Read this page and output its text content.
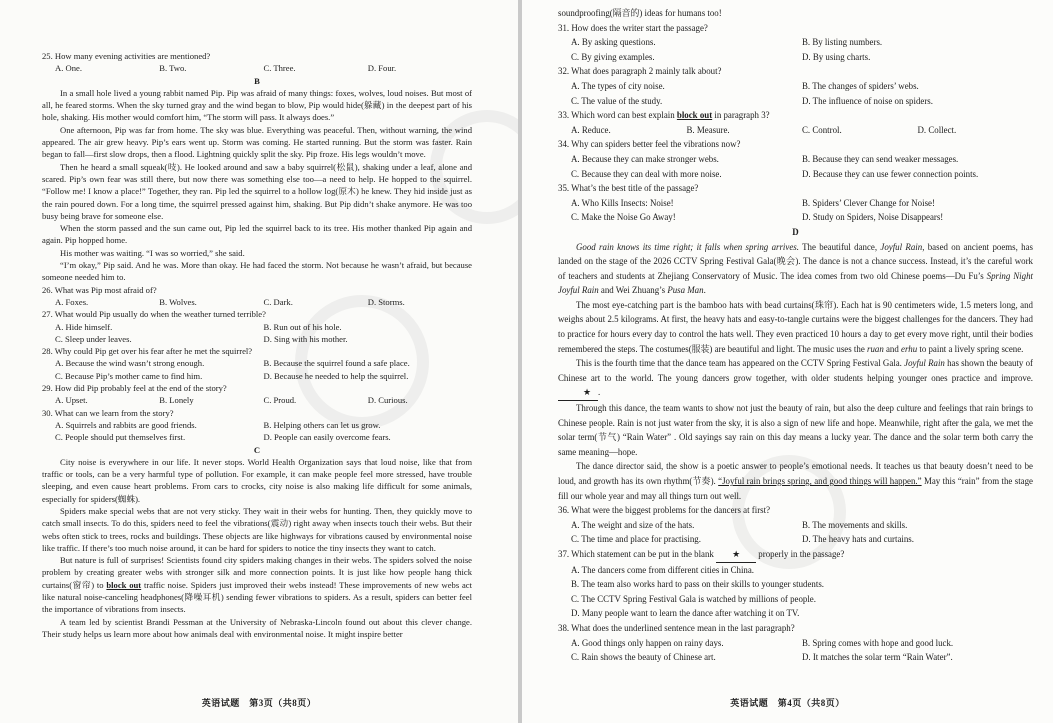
25. How many evening activities are mentioned?

A. One.	B. Two.	C. Three.	D. Four.

B

In a small hole lived a young rabbit named Pip. Pip was afraid of many things: foxes, wolves, loud noises. But most of all, he feared storms. When the sky turned gray and the wind began to blow, Pip would hide(躲藏) in the deepest part of his hole, shaking. His mother would comfort him, “The storm will pass. It always does.”

One afternoon, Pip was far from home. The sky was blue. Everything was peaceful. Then, without warning, the wind appeared. The air grew heavy. Pip’s ears went up. Storm was coming. He started running. But the storm was faster. Rain began to fall—first slow drops, then a flood. Lightning quickly split the sky. Pip froze. His legs wouldn’t move.

Then he heard a small squeak(吱). He looked around and saw a baby squirrel(松鼠), shaking under a leaf, alone and scared. Pip’s own fear was still there, but now there was something else too—a need to help. He hopped to the squirrel. “Follow me! I know a place!” Together, they ran. Pip led the squirrel to a hollow log(原木) he knew. They hid inside just as the rain poured down. For a long time, the squirrel pressed against him, shaking. But Pip didn’t shake anymore. He was too busy being brave for someone else.

When the storm passed and the sun came out, Pip led the squirrel back to its tree. His mother thanked Pip again and again. Pip hopped home.

His mother was waiting. “I was so worried,” she said.

“I’m okay,” Pip said. And he was. More than okay. He had faced the storm. Not because he wasn’t afraid, but because someone needed him to.

26. What was Pip most afraid of?

A. Foxes.	B. Wolves.	C. Dark.	D. Storms.

27. What would Pip usually do when the weather turned terrible?

A. Hide himself.	B. Run out of his hole.
C. Sleep under leaves.	D. Sing with his mother.

28. Why could Pip get over his fear after he met the squirrel?

A. Because the wind wasn’t strong enough.	B. Because the squirrel found a safe place.
C. Because Pip’s mother came to find him.	D. Because he needed to help the squirrel.

29. How did Pip probably feel at the end of the story?

A. Upset.	B. Lonely	C. Proud.	D. Curious.

30. What can we learn from the story?

A. Squirrels and rabbits are good friends.	B. Helping others can let us grow.
C. People should put themselves first.	D. People can easily overcome fears.

C

City noise is everywhere in our life. It never stops. World Health Organization says that loud noise, like that from traffic or tools, can be a very harmful type of pollution. For example, it can make people feel more stressed, have trouble sleeping, and even cause heart problems. From cars to crocks, city noise is also making life difficult for some animals, especially for spiders(蜘蛛).

Spiders make special webs that are not very sticky. They wait in their webs for hunting. Then, they quickly move to catch small insects. To do this, spiders need to feel the vibrations(震动) right away when insects touch their webs. But their webs often stick to trees, rocks and buildings. These objects are like highways for vibrations caused by environmental noise like traffic. If there’s too much noise around, it can be hard for spiders to notice the tiny insects they want to catch.

But nature is full of surprises! Scientists found city spiders making changes in their webs. The spiders solved the noise problem by creating greater webs with stronger silk and more connection points. It is just like how people hang thick curtains(窗帘) to block out traffic noise. Spiders just improved their webs instead! These improvements of new webs act like natural noise-canceling headphones(降噪耳机) sending fewer vibrations to spiders. As a result, spiders can better feel the importance of vibrations from insects.

A team led by scientist Brandi Pessman at the University of Nebraska-Lincoln found out about this clever change. Their study helps us learn more about how animals deal with environmental noise. It might inspire better

英语试题　第3页（共8页）

soundproofing(隔音的) ideas for humans too!

31. How does the writer start the passage?

A. By asking questions.	B. By listing numbers.
C. By giving examples.	D. By using charts.

32. What does paragraph 2 mainly talk about?

A. The types of city noise.	B. The changes of spiders’ webs.
C. The value of the study.	D. The influence of noise on spiders.

33. Which word can best explain block out in paragraph 3?

A. Reduce.	B. Measure.	C. Control.	D. Collect.

34. Why can spiders better feel the vibrations now?

A. Because they can make stronger webs.	B. Because they can send weaker messages.
C. Because they can deal with more noise.	D. Because they can use fewer connection points.

35. What’s the best title of the passage?

A. Who Kills Insects: Noise!	B. Spiders’ Clever Change for Noise!
C. Make the Noise Go Away!	D. Study on Spiders, Noise Disappears!

D

Good rain knows its time right; it falls when spring arrives. The beautiful dance, Joyful Rain, based on ancient poems, has landed on the stage of the 2026 CCTV Spring Festival Gala(晚会). The dance is not a chance success. Instead, it’s the careful work of teachers and students at Zhejiang Conservatory of Music. The idea comes from two old Chinese poems—Du Fu’s Spring Night Joyful Rain and Wei Zhuang’s Pusa Man.

The most eye-catching part is the bamboo hats with bead curtains(珠帘). Each hat is 90 centimeters wide, 1.5 meters long, and weighs about 2.5 kilograms. At first, the heavy hats and easy-to-tangle curtains were the biggest challenges for the dancers. They had to practice for hours every day to control the hats well. They even practiced 10 hours a day to get every move right, until their bodies remembered the steps. The costumes(服装) are beautiful and light. The music uses the ruan and erhu to paint a lively spring scene.

This is the fourth time that the dance team has appeared on the CCTV Spring Festival Gala. Joyful Rain has shown the beauty of Chinese art to the world. The young dancers grow together, with older students helping younger ones practice and improve. ★ .

Through this dance, the team wants to show not just the beauty of rain, but also the deep culture and feelings that rain brings to Chinese people. Rain is not just water from the sky, it is also a sign of new life and hope. Meanwhile, right after the gala, we met the solar term(节气) “Rain Water” . Old sayings say rain on this day means a lucky year. The dance and the solar term both carry the same meaning—hope.

The dance director said, the show is a poetic answer to people’s emotional needs. It teaches us that beauty doesn’t need to be loud, and growth has its own rhythm(节奏). “Joyful rain brings spring, and good things will happen.” May this “rain” from the stage fill our whole year and may all things turn out well.

36. What were the biggest problems for the dancers at first?

A. The weight and size of the hats.	B. The movements and skills.
C. The time and place for practising.	D. The heavy hats and curtains.

37. Which statement can be put in the blank ★ properly in the passage?

A. The dancers come from different cities in China.

B. The team also works hard to pass on their skills to younger students.

C. The CCTV Spring Festival Gala is watched by millions of people.

D. Many people want to learn the dance after watching it on TV.

38. What does the underlined sentence mean in the last paragraph?

A. Good things only happen on rainy days.	B. Spring comes with hope and good luck.
C. Rain shows the beauty of Chinese art.	D. It matches the solar term “Rain Water”.
英语试题　第4页（共8页）
